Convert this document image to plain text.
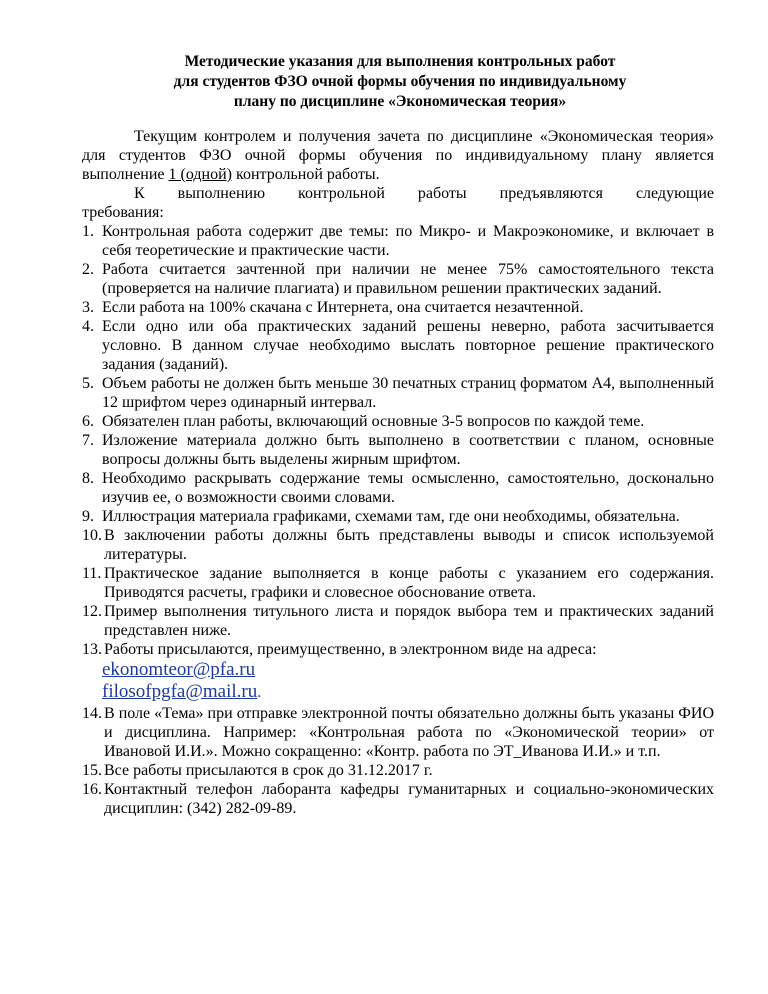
Методические указания для выполнения контрольных работ
для студентов ФЗО очной формы обучения по индивидуальному
плану по дисциплине «Экономическая теория»

Текущим контролем и получения зачета по дисциплине «Экономическая теория» для студентов ФЗО очной формы обучения по индивидуальному плану является выполнение 1 (одной) контрольной работы.

К выполнению контрольной работы предъявляются следующие

требования:

1. Контрольная работа содержит две темы: по Микро- и Макроэкономике, и включает в себя теоретические и практические части.
2. Работа считается зачтенной при наличии не менее 75% самостоятельного текста (проверяется на наличие плагиата) и правильном решении практических заданий.
3. Если работа на 100% скачана с Интернета, она считается незачтенной.
4. Если одно или оба практических заданий решены неверно, работа засчитывается условно. В данном случае необходимо выслать повторное решение практического задания (заданий).
5. Объем работы не должен быть меньше 30 печатных страниц форматом А4, выполненный 12 шрифтом через одинарный интервал.
6. Обязателен план работы, включающий основные 3-5 вопросов по каждой теме.
7. Изложение материала должно быть выполнено в соответствии с планом, основные вопросы должны быть выделены жирным шрифтом.
8. Необходимо раскрывать содержание темы осмысленно, самостоятельно, досконально изучив ее, о возможности своими словами.
9. Иллюстрация материала графиками, схемами там, где они необходимы, обязательна.
10. В заключении работы должны быть представлены выводы и список используемой литературы.
11. Практическое задание выполняется в конце работы с указанием его содержания. Приводятся расчеты, графики и словесное обоснование ответа.
12. Пример выполнения титульного листа и порядок выбора тем и практических заданий представлен ниже.
13. Работы присылаются, преимущественно, в электронном виде на адреса:
ekonomteor@pfa.ru
filosofpgfa@mail.ru.
14. В поле «Тема» при отправке электронной почты обязательно должны быть указаны ФИО и дисциплина. Например: «Контрольная работа по «Экономической теории» от Ивановой И.И.». Можно сокращенно: «Контр. работа по ЭТ_Иванова И.И.» и т.п.
15. Все работы присылаются в срок до 31.12.2017 г.
16. Контактный телефон лаборанта кафедры гуманитарных и социально-экономических дисциплин: (342) 282-09-89.
